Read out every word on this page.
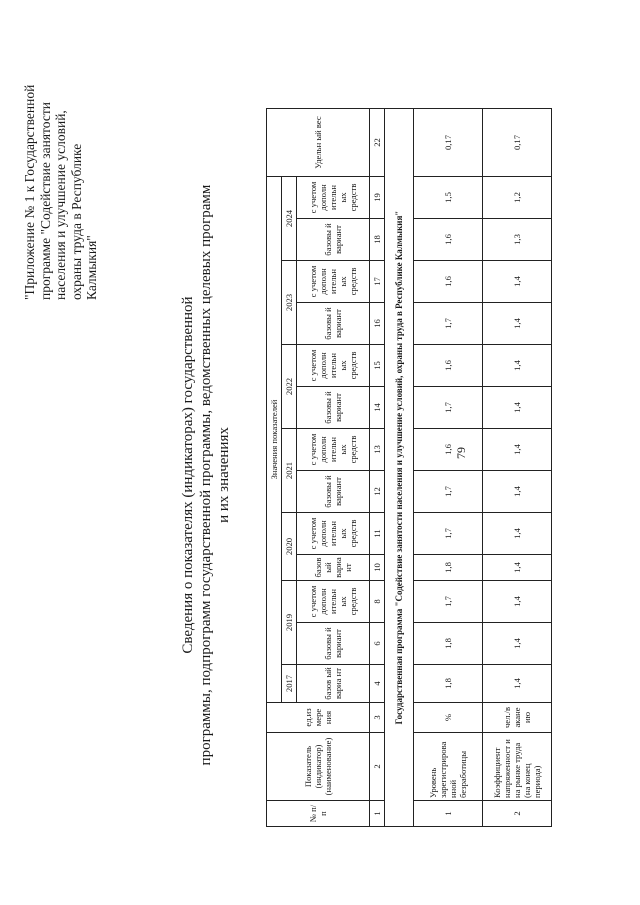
"Приложение № 1 к Государственной программе "Содействие занятости населения и улучшение условий, охраны труда в Республике Калмыкия"
Сведения о показателях (индикаторах) государственной программы, подпрограмм государственной программы, ведомственных целевых программ и их значениях
№ п/п	Показатель (индикатор) (наименование)	ед.из мере ния	Значения показателей													Удельн ый вес
			2017	2019		2020		2021		2022		2023		2024		
			базов ый вариа нт	базовы й вариант	с учетом дополн ительн ых средств	базов ый вариа нт	с учетом дополн ительн ых средств	базовы й вариант	с учетом дополн ительн ых средств	базовы й вариант	с учетом дополн ительн ых средств	базовы й вариант	с учетом дополн ительн ых средств	базовы й вариант	с учетом дополн ительн ых средств	
1	2	3	4	6	8	10	11	12	13	14	15	16	17	18	19	22
Государственная программа "Содействие занятости населения и улучшение условий, охраны труда в Республике Калмыкия"																
1	Уровень зарегистрирова нной безработицы	%	1,8	1,8	1,7	1,8	1,7	1,7	1,6	1,7	1,6	1,7	1,6	1,6	1,5	0,17
2	Коэффициент напряженност и на рынке труда (на конец периода)	чел./в акане ию	1,4	1,4	1,4	1,4	1,4	1,4	1,4	1,4	1,4	1,4	1,4	1,3	1,2	0,17
79
